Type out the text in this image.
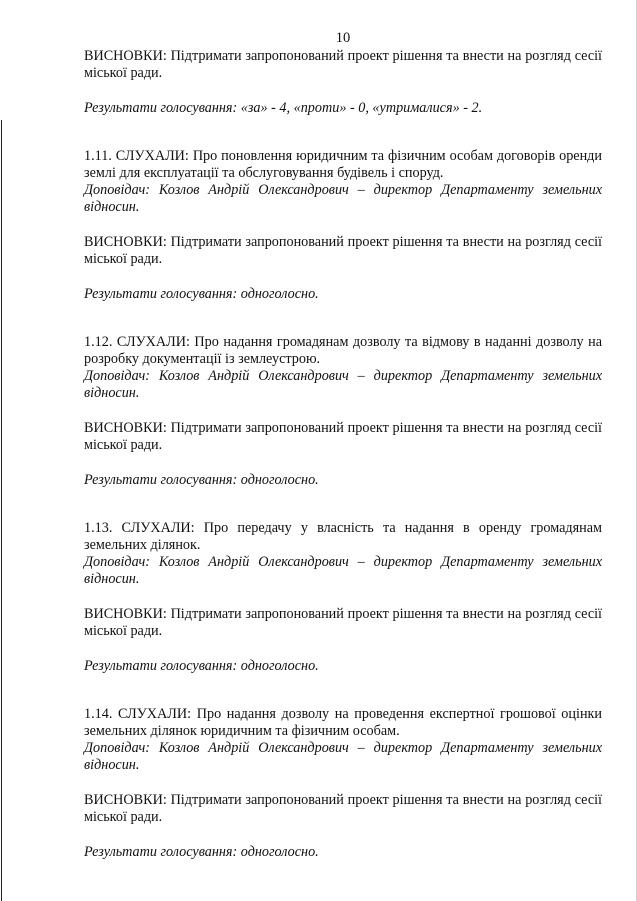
10

ВИСНОВКИ: Підтримати запропонований проект рішення та внести на розгляд сесії міської ради.

Результати голосування: «за» - 4, «проти» - 0, «утрималися» - 2.

1.11. СЛУХАЛИ: Про поновлення юридичним та фізичним особам договорів оренди землі для експлуатації та обслуговування будівель і споруд.

Доповідач: Козлов Андрій Олександрович – директор Департаменту земельних відносин.

ВИСНОВКИ: Підтримати запропонований проект рішення та внести на розгляд сесії міської ради.

Результати голосування: одноголосно.

1.12. СЛУХАЛИ: Про надання громадянам дозволу та відмову в наданні дозволу на розробку документації із землеустрою.

Доповідач: Козлов Андрій Олександрович – директор Департаменту земельних відносин.

ВИСНОВКИ: Підтримати запропонований проект рішення та внести на розгляд сесії міської ради.

Результати голосування: одноголосно.

1.13. СЛУХАЛИ: Про передачу у власність та надання в оренду громадянам земельних ділянок.

Доповідач: Козлов Андрій Олександрович – директор Департаменту земельних відносин.

ВИСНОВКИ: Підтримати запропонований проект рішення та внести на розгляд сесії міської ради.

Результати голосування: одноголосно.

1.14. СЛУХАЛИ: Про надання дозволу на проведення експертної грошової оцінки земельних ділянок юридичним та фізичним особам.

Доповідач: Козлов Андрій Олександрович – директор Департаменту земельних відносин.

ВИСНОВКИ: Підтримати запропонований проект рішення та внести на розгляд сесії міської ради.

Результати голосування: одноголосно.
